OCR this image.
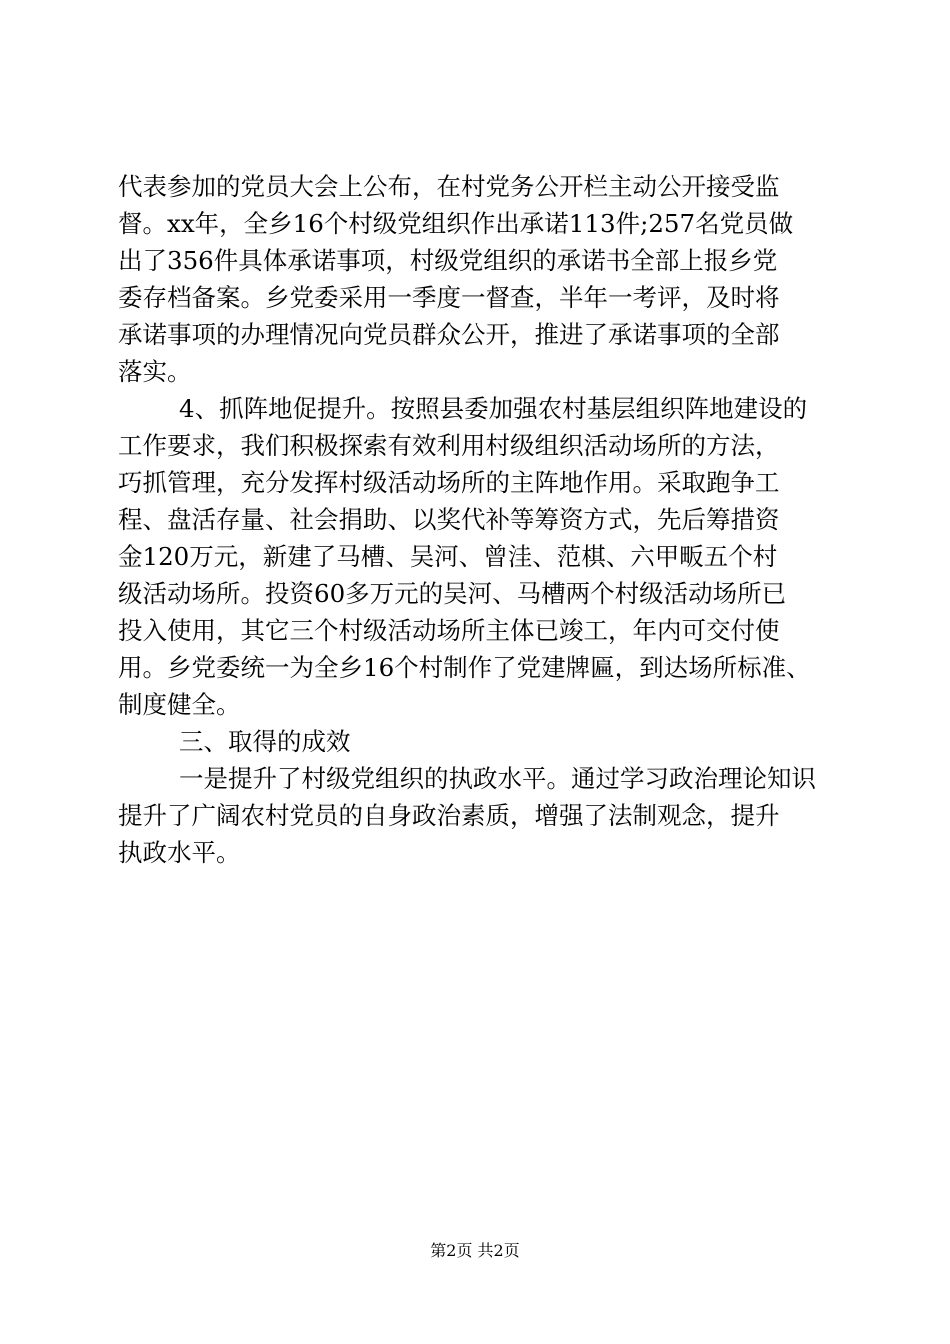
代表参加的党员大会上公布，在村党务公开栏主动公开接受监
督。xx年，全乡16个村级党组织作出承诺113件;257名党员做
出了356件具体承诺事项，村级党组织的承诺书全部上报乡党
委存档备案。乡党委采用一季度一督查，半年一考评，及时将
承诺事项的办理情况向党员群众公开，推进了承诺事项的全部
落实。
4、抓阵地促提升。按照县委加强农村基层组织阵地建设的
工作要求，我们积极探索有效利用村级组织活动场所的方法，
巧抓管理，充分发挥村级活动场所的主阵地作用。采取跑争工
程、盘活存量、社会捐助、以奖代补等筹资方式，先后筹措资
金120万元，新建了马槽、吴河、曾洼、范棋、六甲畈五个村
级活动场所。投资60多万元的吴河、马槽两个村级活动场所已
投入使用，其它三个村级活动场所主体已竣工，年内可交付使
用。乡党委统一为全乡16个村制作了党建牌匾，到达场所标准、
制度健全。
三、取得的成效
一是提升了村级党组织的执政水平。通过学习政治理论知识
提升了广阔农村党员的自身政治素质，增强了法制观念，提升
执政水平。
第2页 共2页
